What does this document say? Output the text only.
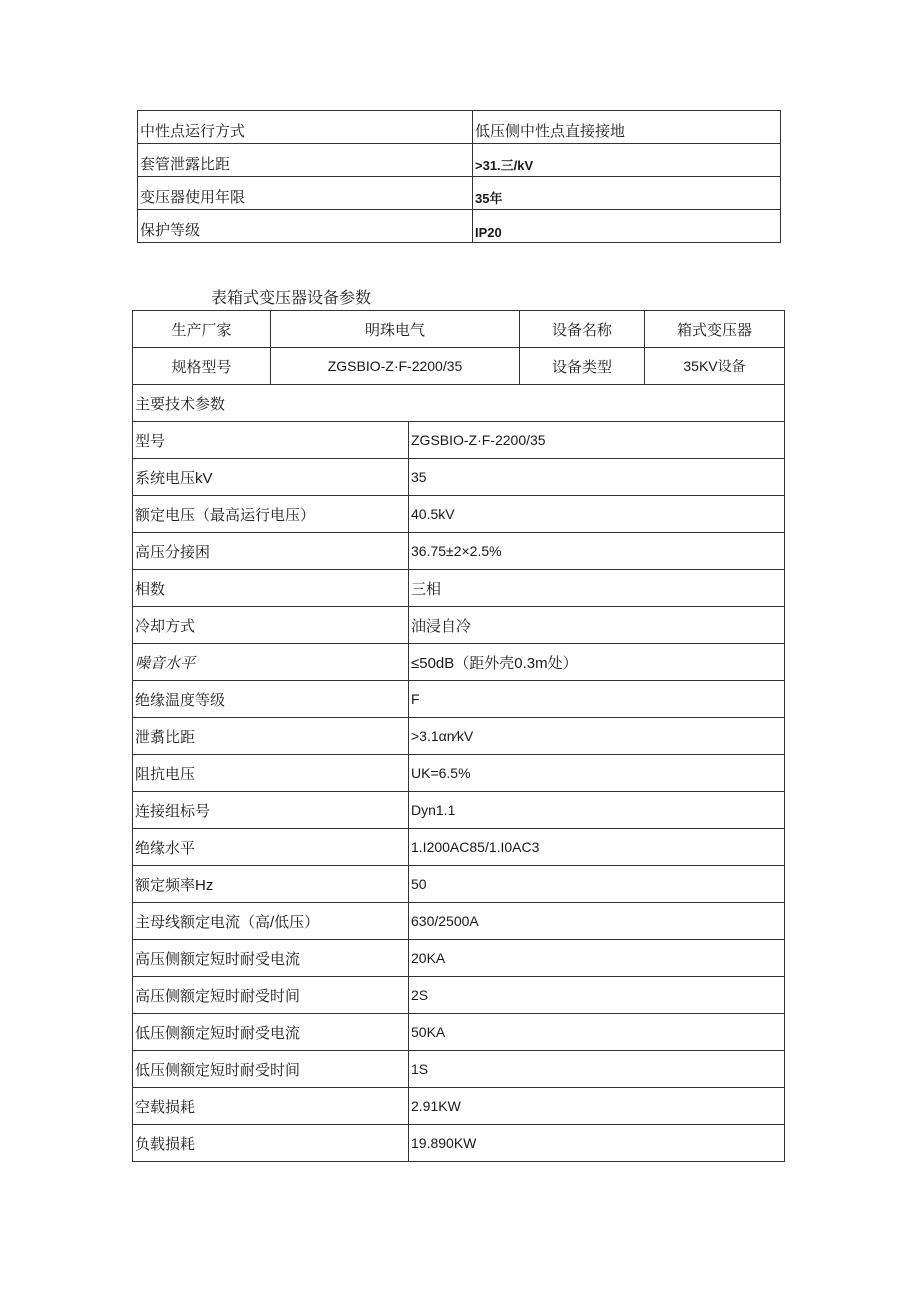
中性点运行方式	低压侧中性点直接接地
套管泄露比距	>31.三/kV
变压器使用年限	35年
保护等级	IP20
表箱式变压器设备参数
生产厂家	明珠电气		设备名称	箱式变压器
规格型号	ZGSBIO-Z·F-2200/35		设备类型	35KV设备
主要技术参数				
型号		ZGSBIO-Z·F-2200/35		
系统电压kV		35		
额定电压（最高运行电压）		40.5kV		
高压分接困		36.75±2×2.5%		
相数		三相		
冷却方式		油浸自冷		
噪音水平		≤50dB（距外壳0.3m处）		
绝缘温度等级		F		
泄翥比距		>3.1αn⁄kV		
阻抗电压		UK=6.5%		
连接组标号		Dyn1.1		
绝缘水平		1.I200AC85/1.I0AC3		
额定频率Hz		50		
主母线额定电流（高/低压）		630/2500A		
高压侧额定短时耐受电流		20KA		
高压侧额定短时耐受时间		2S		
低压侧额定短时耐受电流		50KA		
低压侧额定短时耐受时间		1S		
空载损耗		2.91KW		
负载损耗		19.890KW		
